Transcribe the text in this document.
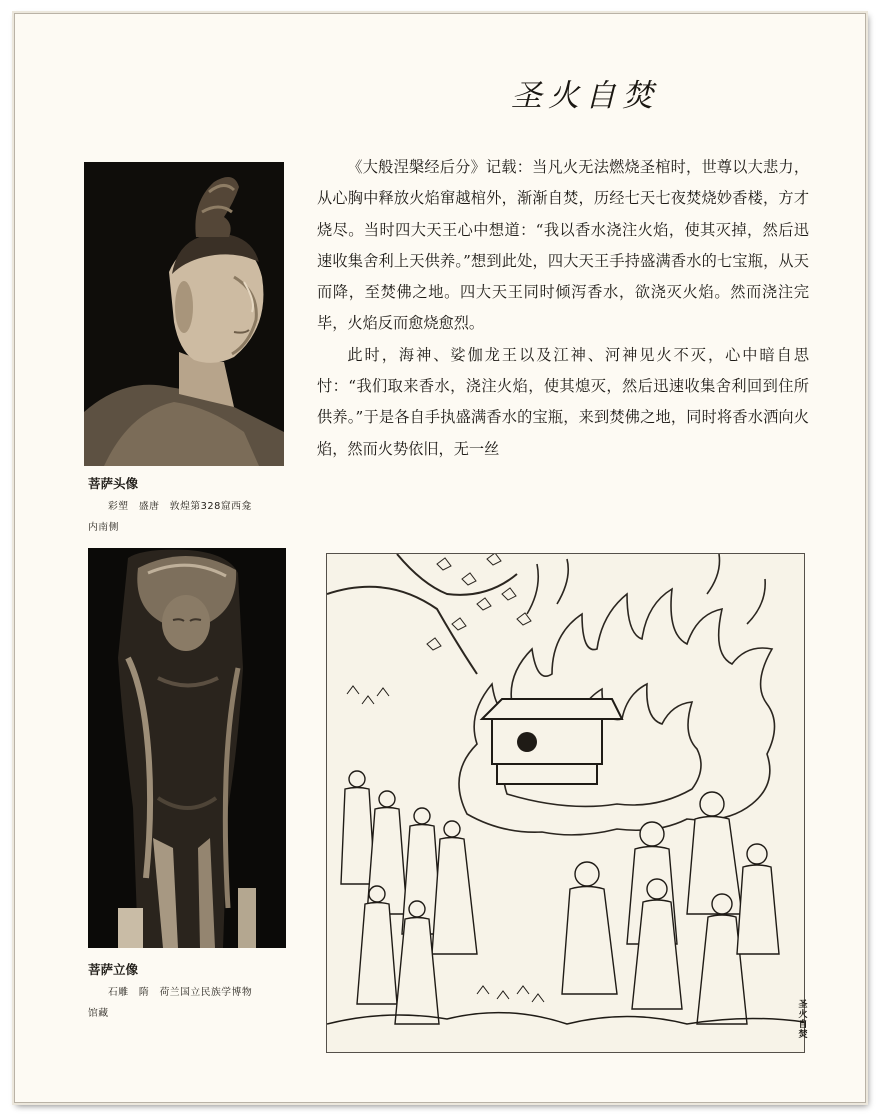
圣火自焚

《大般涅槃经后分》记载：当凡火无法燃烧圣棺时，世尊以大悲力，从心胸中释放火焰窜越棺外，渐渐自焚，历经七天七夜焚烧妙香楼，方才烧尽。当时四大天王心中想道：“我以香水浇注火焰，使其灭掉，然后迅速收集舍利上天供养。”想到此处，四大天王手持盛满香水的七宝瓶，从天而降，至焚佛之地。四大天王同时倾泻香水，欲浇灭火焰。然而浇注完毕，火焰反而愈烧愈烈。

此时，海神、娑伽龙王以及江神、河神见火不灭，心中暗自思忖：“我们取来香水，浇注火焰，使其熄灭，然后迅速收集舍利回到住所供养。”于是各自手执盛满香水的宝瓶，来到焚佛之地，同时将香水洒向火焰，然而火势依旧，无一丝

菩萨头像
彩塑　盛唐　敦煌第328窟西龛
内南侧
菩萨立像
石雕　隋　荷兰国立民族学博物
馆藏
圣火自焚
